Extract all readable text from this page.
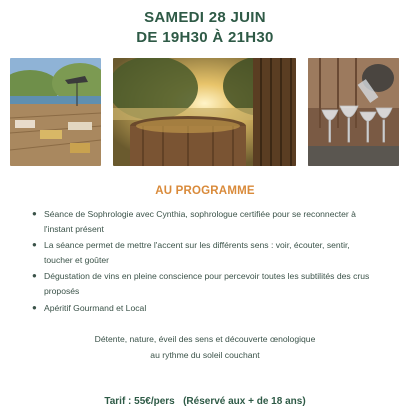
SAMEDI 28 JUIN
DE 19H30 À 21H30
AU PROGRAMME
● Séance de Sophrologie avec Cynthia, sophrologue certifiée pour se reconnecter à l'instant présent
● La séance permet de mettre l'accent sur les différents sens : voir, écouter, sentir, toucher et goûter
● Dégustation de vins en pleine conscience pour percevoir toutes les subtilités des crus proposés
● Apéritif Gourmand et Local
Détente, nature, éveil des sens et découverte œnologique
au rythme du soleil couchant
Tarif : 55€/pers   (Réservé aux + de 18 ans)
